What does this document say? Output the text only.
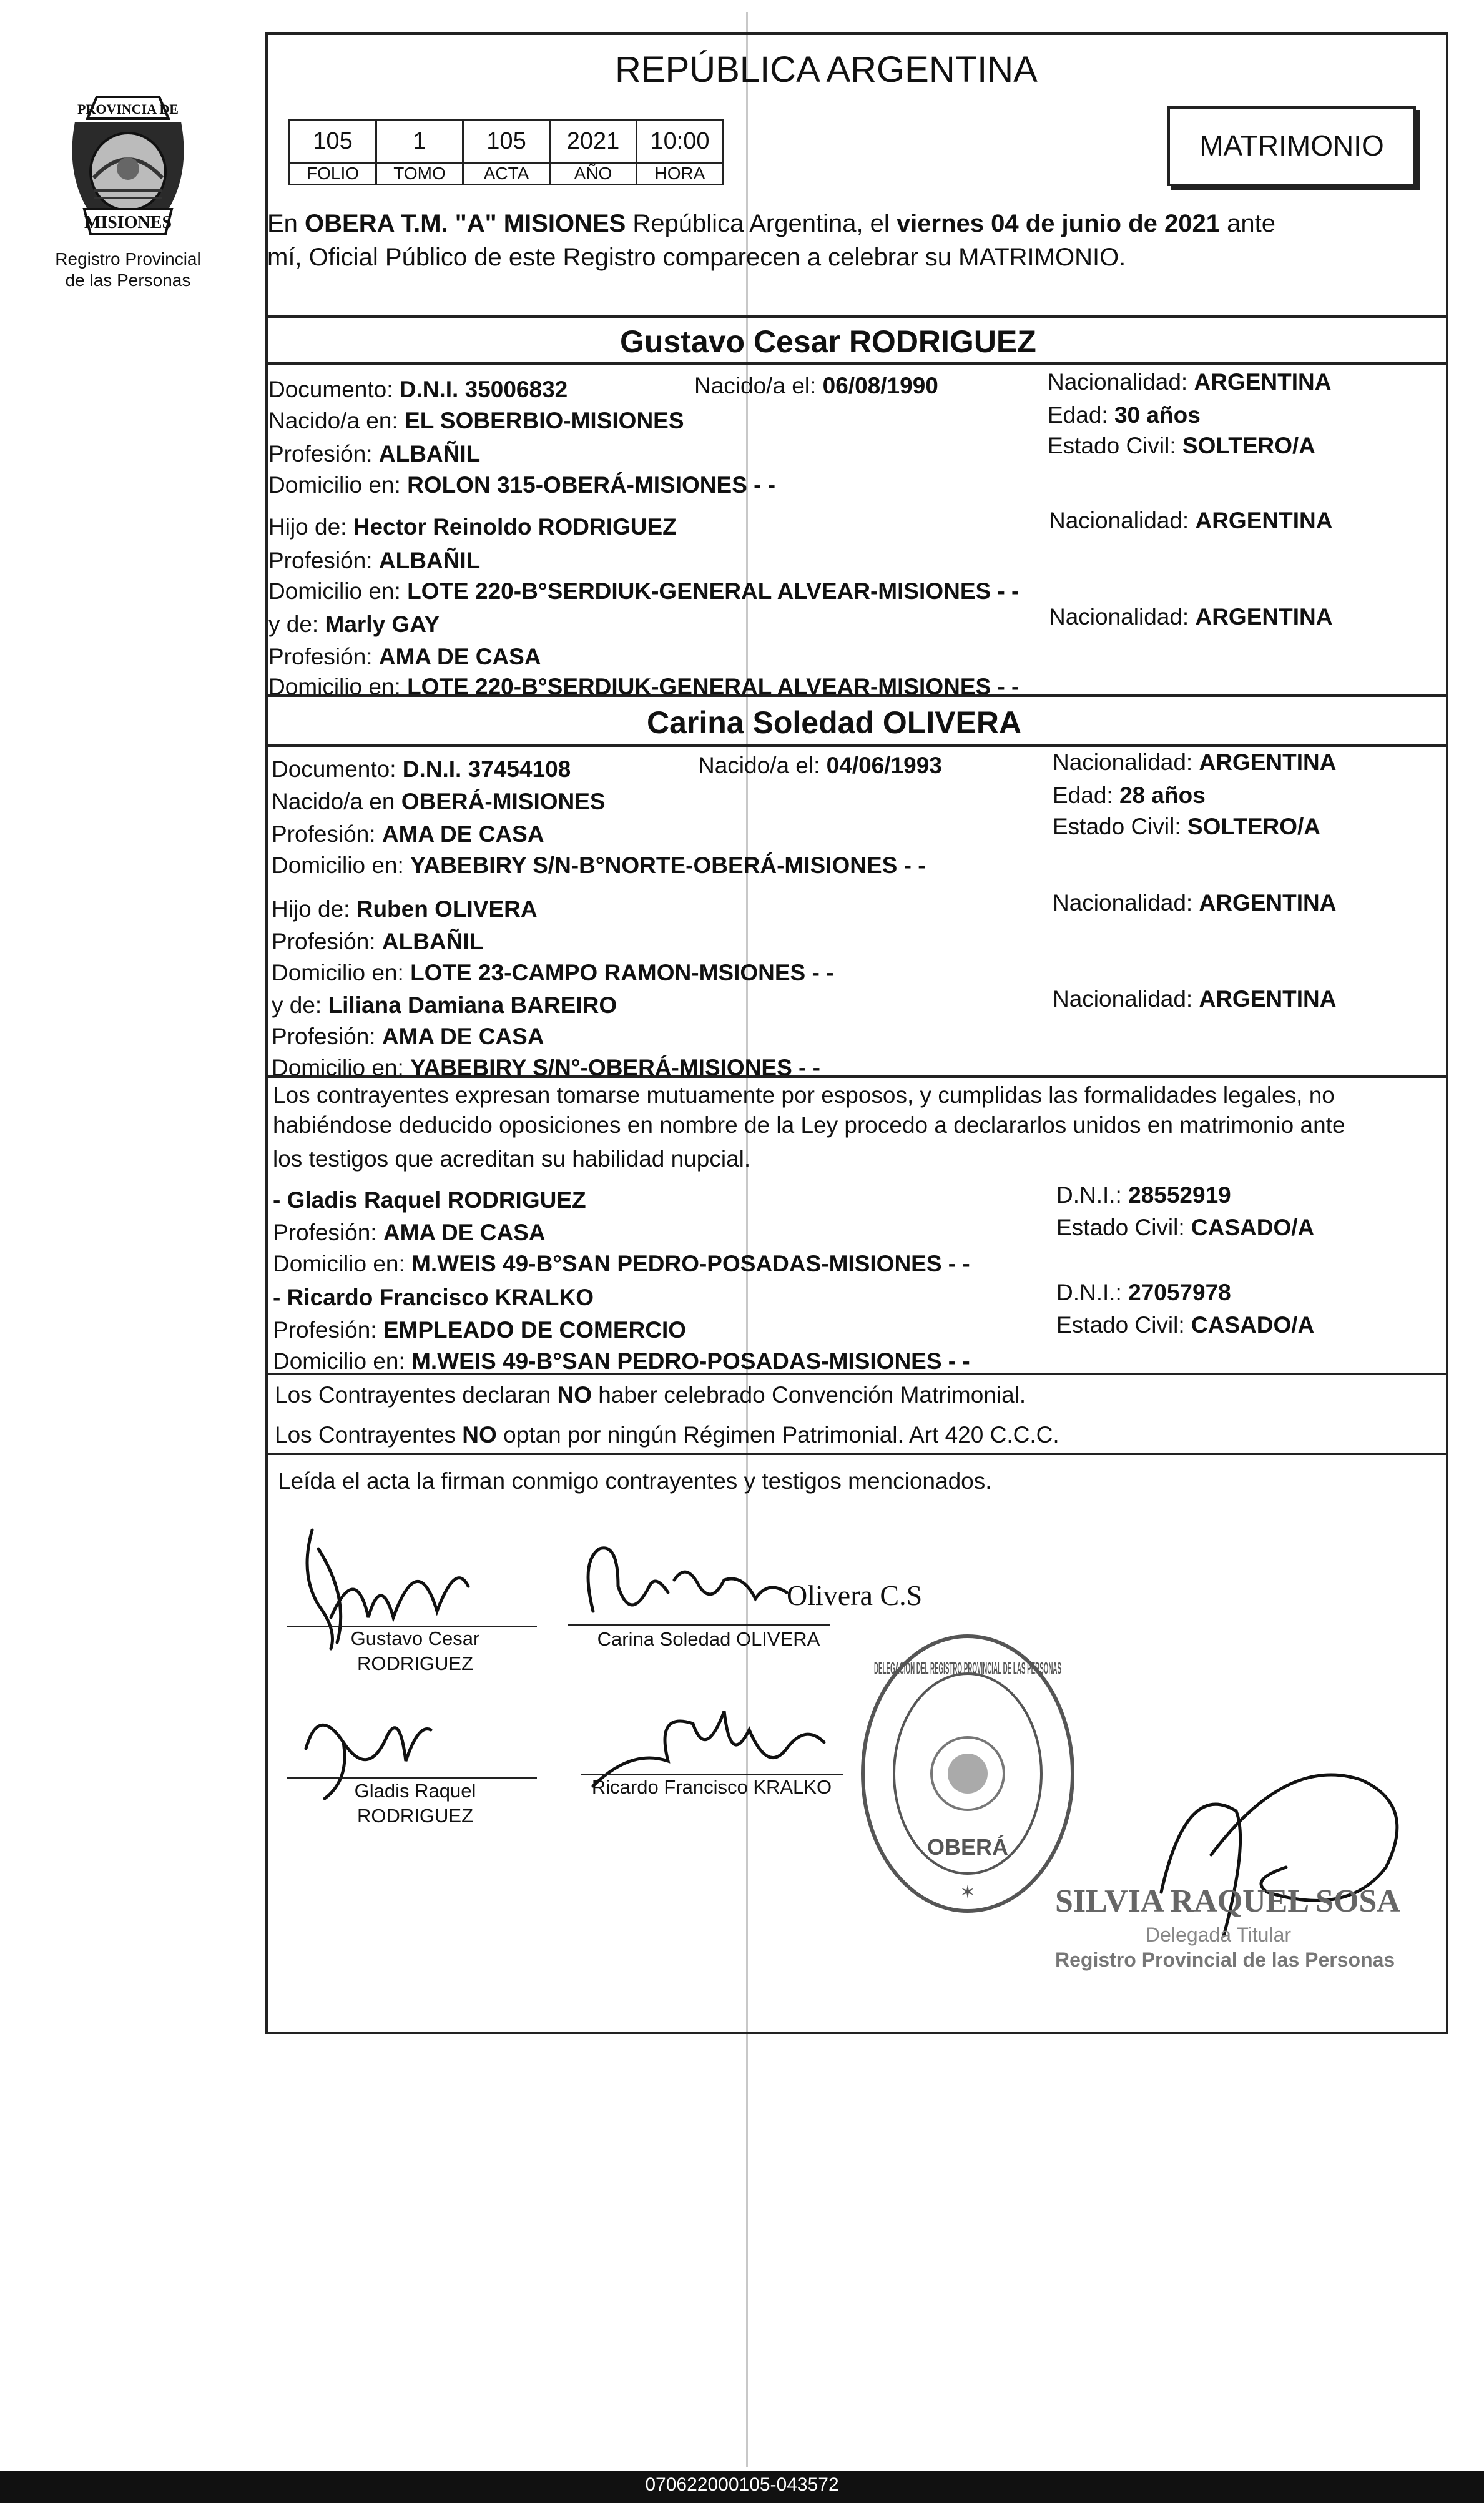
PROVINCIA DE
MISIONES
Registro Provincial
de las Personas
REPÚBLICA ARGENTINA
105	1	105	2021	10:00
FOLIO	TOMO	ACTA	AÑO	HORA
MATRIMONIO
En OBERA T.M. "A" MISIONES República Argentina, el viernes 04 de junio de 2021 ante
mí, Oficial Público de este Registro comparecen a celebrar su MATRIMONIO.
Gustavo Cesar RODRIGUEZ
Documento: D.N.I. 35006832	Nacido/a el: 06/08/1990	Nacionalidad: ARGENTINA
Nacido/a en: EL SOBERBIO-MISIONES	Edad: 30 años
Profesión: ALBAÑIL	Estado Civil: SOLTERO/A
Domicilio en: ROLON 315-OBERÁ-MISIONES - -
Hijo de: Hector Reinoldo RODRIGUEZ	Nacionalidad: ARGENTINA
Profesión: ALBAÑIL
Domicilio en: LOTE 220-B°SERDIUK-GENERAL ALVEAR-MISIONES - -
y de: Marly GAY	Nacionalidad: ARGENTINA
Profesión: AMA DE CASA
Domicilio en: LOTE 220-B°SERDIUK-GENERAL ALVEAR-MISIONES - -
Carina Soledad OLIVERA
Documento: D.N.I. 37454108	Nacido/a el: 04/06/1993	Nacionalidad: ARGENTINA
Nacido/a en OBERÁ-MISIONES	Edad: 28 años
Profesión: AMA DE CASA	Estado Civil: SOLTERO/A
Domicilio en: YABEBIRY S/N-B°NORTE-OBERÁ-MISIONES - -
Hijo de: Ruben OLIVERA	Nacionalidad: ARGENTINA
Profesión: ALBAÑIL
Domicilio en: LOTE 23-CAMPO RAMON-MSIONES - -
y de: Liliana Damiana BAREIRO	Nacionalidad: ARGENTINA
Profesión: AMA DE CASA
Domicilio en: YABEBIRY S/N°-OBERÁ-MISIONES - -
Los contrayentes expresan tomarse mutuamente por esposos, y cumplidas las formalidades legales, no
habiéndose deducido oposiciones en nombre de la Ley procedo a declararlos unidos en matrimonio ante
los testigos que acreditan su habilidad nupcial.
- Gladis Raquel RODRIGUEZ	D.N.I.: 28552919
Profesión: AMA DE CASA	Estado Civil: CASADO/A
Domicilio en: M.WEIS 49-B°SAN PEDRO-POSADAS-MISIONES - -
- Ricardo Francisco KRALKO	D.N.I.: 27057978
Profesión: EMPLEADO DE COMERCIO	Estado Civil: CASADO/A
Domicilio en: M.WEIS 49-B°SAN PEDRO-POSADAS-MISIONES - -
Los Contrayentes declaran NO haber celebrado Convención Matrimonial.
Los Contrayentes NO optan por ningún Régimen Patrimonial. Art 420 C.C.C.
Leída el acta la firman conmigo contrayentes y testigos mencionados.
Gustavo Cesar
RODRIGUEZ
Olivera C.S
Carina Soledad OLIVERA
Gladis Raquel
RODRIGUEZ
Ricardo Francisco KRALKO
OBERÁ
DELEGACION DEL REGISTRO PROVINCIAL DE LAS PERSONAS
✶ SILVIA RAQUEL SOSA
Delegada Titular
Registro Provincial de las Personas
070622000105-043572
